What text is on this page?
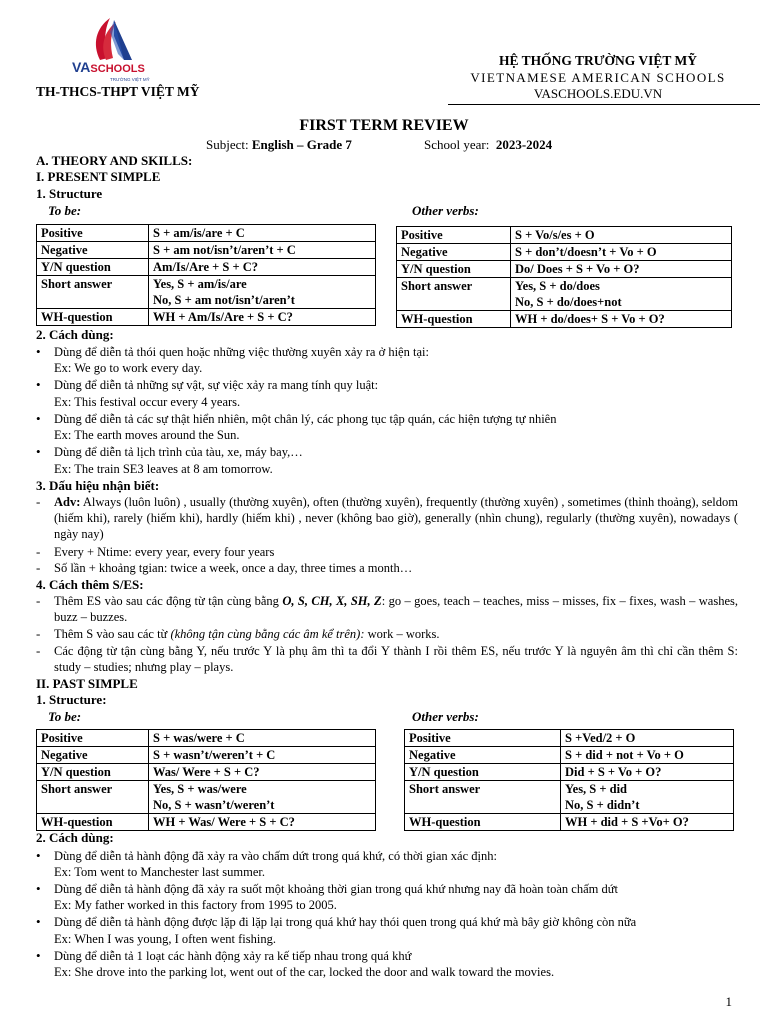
VASCHOOLS
TRƯỜNG VIỆT MỸ
TH-THCS-THPT VIỆT MỸ
HỆ THỐNG TRƯỜNG VIỆT MỸ
VIETNAMESE AMERICAN SCHOOLS
VASCHOOLS.EDU.VN
FIRST TERM REVIEW
Subject: English – Grade 7	School year: 2023-2024
A. THEORY AND SKILLS:
I. PRESENT SIMPLE
1. Structure
To be:	Other verbs:
Positive	S + am/is/are + C
Negative	S + am not/isn’t/aren’t + C
Y/N question	Am/Is/Are + S + C?
Short answer	Yes, S + am/is/are
No, S + am not/isn’t/aren’t

WH-question	WH + Am/Is/Are + S + C?
Positive	S + Vo/s/es + O
Negative	S + don’t/doesn’t + Vo + O
Y/N question	Do/ Does + S + Vo + O?
Short answer	Yes, S + do/does
No, S + do/does+not

WH-question	WH + do/does+ S + Vo + O?
2. Cách dùng:
• Dùng để diễn tả thói quen hoặc những việc thường xuyên xảy ra ở hiện tại:
Ex: We go to work every day.
• Dùng để diễn tả những sự vật, sự việc xảy ra mang tính quy luật:
Ex: This festival occur every 4 years.
• Dùng để diễn tả các sự thật hiển nhiên, một chân lý, các phong tục tập quán, các hiện tượng tự nhiên
Ex: The earth moves around the Sun.
• Dùng để diễn tả lịch trình của tàu, xe, máy bay,…
Ex: The train SE3 leaves at 8 am tomorrow.
3. Dấu hiệu nhận biết:
- Adv: Always (luôn luôn) , usually (thường xuyên), often (thường xuyên), frequently (thường xuyên) , sometimes (thỉnh thoảng), seldom (hiếm khi), rarely (hiếm khi), hardly (hiếm khi) , never (không bao giờ), generally (nhìn chung), regularly (thường xuyên), nowadays ( ngày nay)
- Every + Ntime: every year, every four years
- Số lần + khoảng tgian: twice a week, once a day, three times a month…
4. Cách thêm S/ES:
- Thêm ES vào sau các động từ tận cùng bằng O, S, CH, X, SH, Z: go – goes, teach – teaches, miss – misses, fix – fixes, wash – washes, buzz – buzzes.
- Thêm S vào sau các từ (không tận cùng bằng các âm kể trên): work – works.
- Các động từ tận cùng bằng Y, nếu trước Y là phụ âm thì ta đổi Y thành I rồi thêm ES, nếu trước Y là nguyên âm thì chỉ cần thêm S: study – studies; nhưng play – plays.
II. PAST SIMPLE
1. Structure:
To be:	Other verbs:
Positive	S + was/were + C
Negative	S + wasn’t/weren’t + C
Y/N question	Was/ Were + S + C?
Short answer	Yes, S + was/were
No, S + wasn’t/weren’t

WH-question	WH + Was/ Were + S + C?
Positive	S +Ved/2 + O
Negative	S + did + not + Vo + O
Y/N question	Did + S + Vo + O?
Short answer	Yes, S + did
No, S + didn’t

WH-question	WH + did + S +Vo+ O?
2. Cách dùng:
• Dùng để diễn tả hành động đã xảy ra vào chấm dứt trong quá khứ, có thời gian xác định:
Ex: Tom went to Manchester last summer.
• Dùng để diễn tả hành động đã xảy ra suốt một khoảng thời gian trong quá khứ nhưng nay đã hoàn toàn chấm dứt
Ex: My father worked in this factory from 1995 to 2005.
• Dùng để diễn tả hành động được lặp đi lặp lại trong quá khứ hay thói quen trong quá khứ mà bây giờ không còn nữa
Ex: When I was young, I often went fishing.
• Dùng để diễn tả 1 loạt các hành động xảy ra kế tiếp nhau trong quá khứ
Ex: She drove into the parking lot, went out of the car, locked the door and walk toward the movies.
1
